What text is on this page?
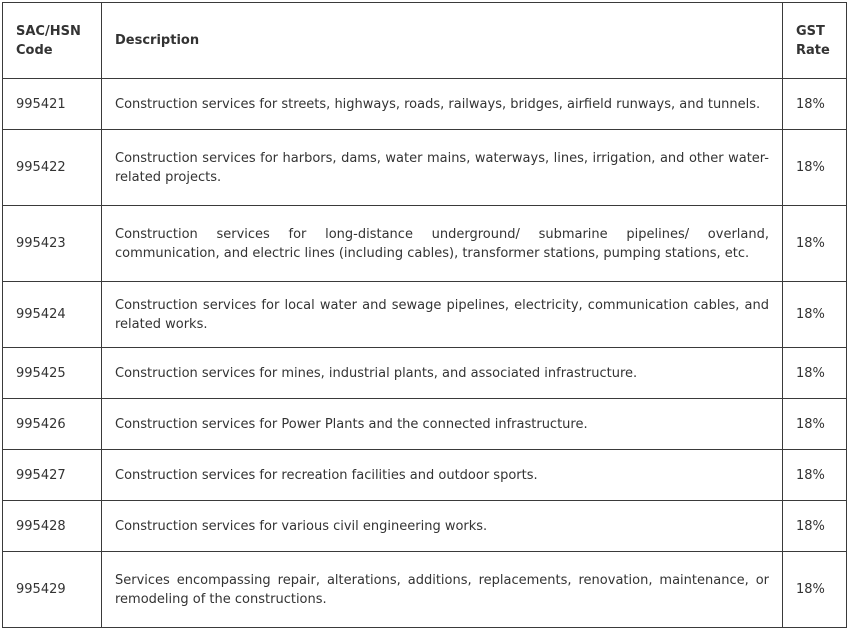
SAC/HSN Code	Description	GST Rate
995421	Construction services for streets, highways, roads, railways, bridges, airfield runways, and tunnels.	18%
995422	Construction services for harbors, dams, water mains, waterways, lines, irrigation, and other water-related projects.	18%
995423	Construction services for long-distance underground/ submarine pipelines/ overland, communication, and electric lines (including cables), transformer stations, pumping stations, etc.	18%
995424	Construction services for local water and sewage pipelines, electricity, communication cables, and related works.	18%
995425	Construction services for mines, industrial plants, and associated infrastructure.	18%
995426	Construction services for Power Plants and the connected infrastructure.	18%
995427	Construction services for recreation facilities and outdoor sports.	18%
995428	Construction services for various civil engineering works.	18%
995429	Services encompassing repair, alterations, additions, replacements, renovation, maintenance, or remodeling of the constructions.	18%
